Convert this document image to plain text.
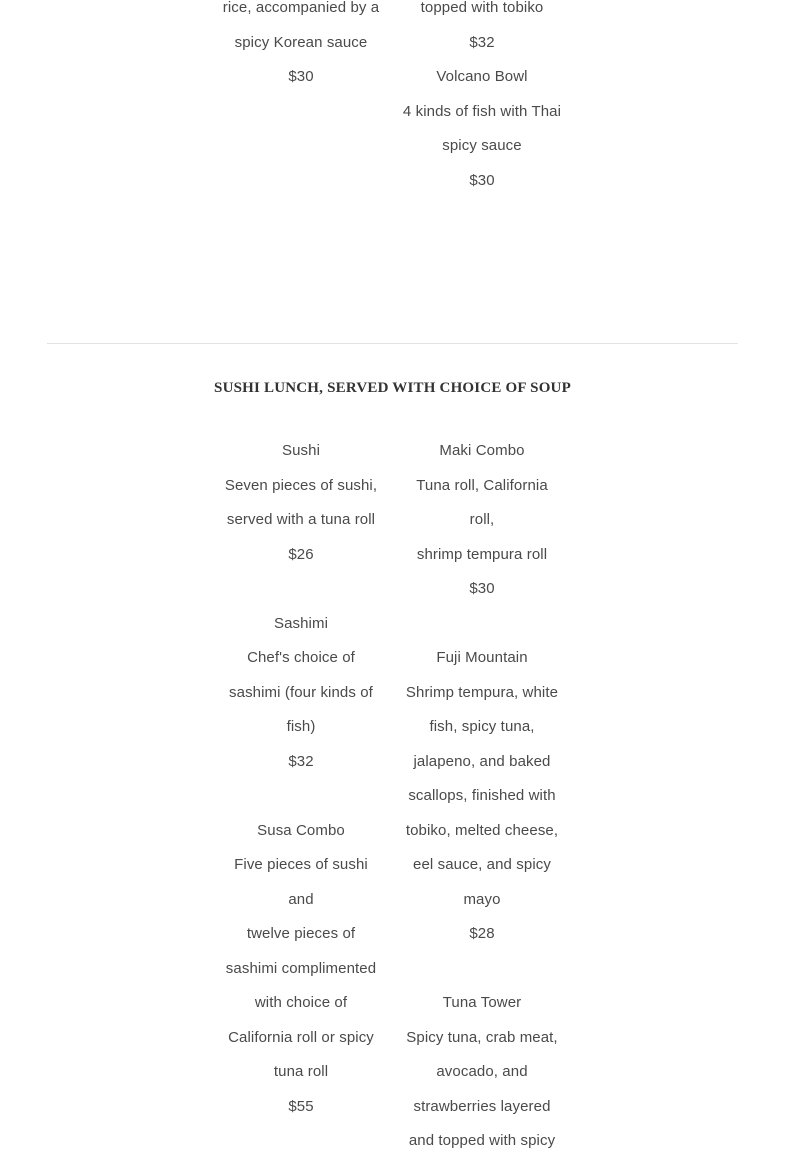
rice, accompanied by a

spicy Korean sauce

$30

topped with tobiko

$32

Volcano Bowl

4 kinds of fish with Thai

spicy sauce

$30

SUSHI LUNCH, SERVED WITH CHOICE OF SOUP

Sushi

Seven pieces of sushi,

served with a tuna roll

$26

Sashimi

Chef's choice of

sashimi (four kinds of

fish)

$32

Susa Combo

Five pieces of sushi and

twelve pieces of

sashimi complimented

with choice of

California roll or spicy

tuna roll

$55

Maki Combo

Tuna roll, California roll,

shrimp tempura roll

$30

Fuji Mountain

Shrimp tempura, white

fish, spicy tuna,

jalapeno, and baked

scallops, finished with

tobiko, melted cheese,

eel sauce, and spicy

mayo

$28

Tuna Tower

Spicy tuna, crab meat,

avocado, and

strawberries layered

and topped with spicy
